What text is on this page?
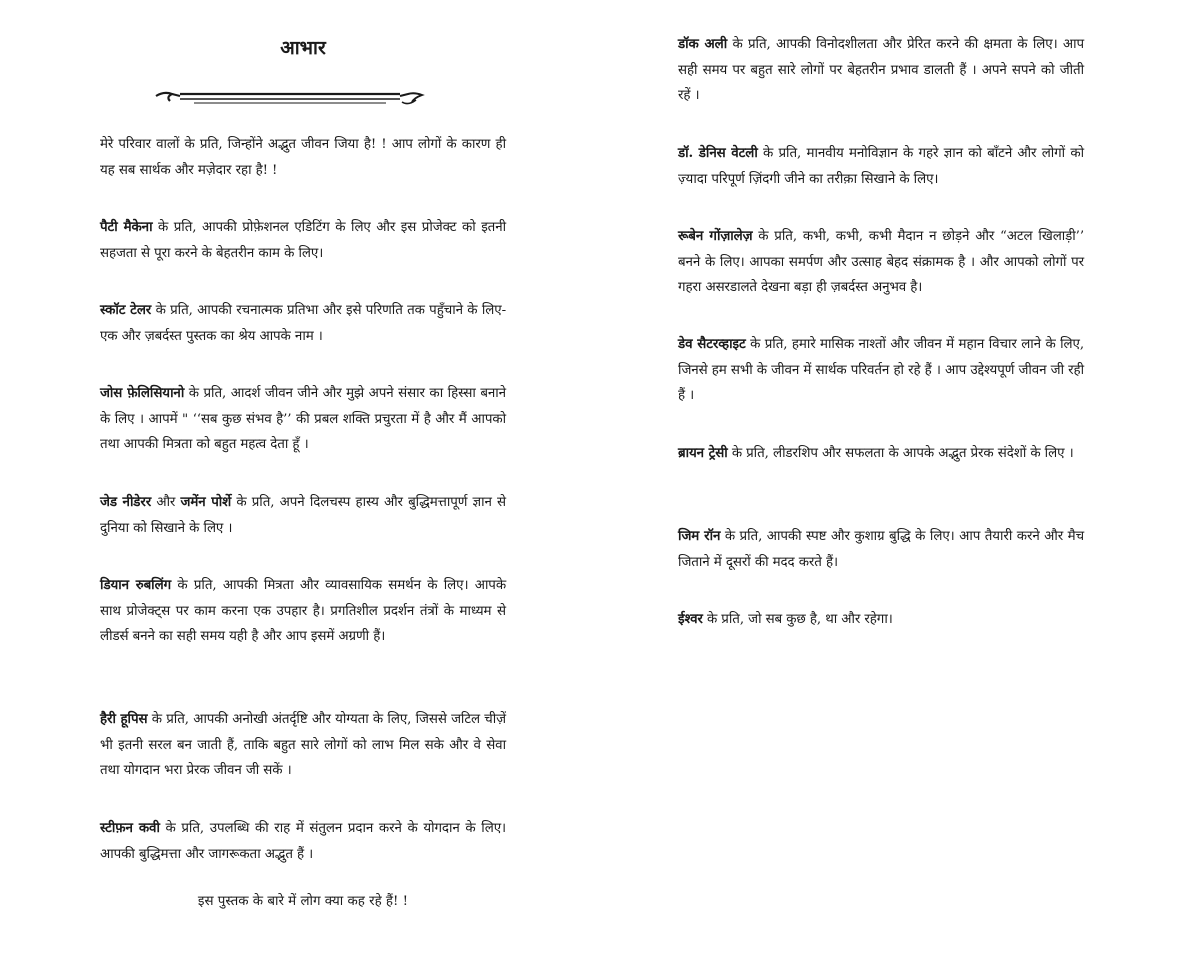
आभार

मेरे परिवार वालों के प्रति, जिन्होंने अद्भुत जीवन जिया है! ! आप लोगों के कारण ही यह सब सार्थक और मज़ेदार रहा है! !

पैटी मैकेना के प्रति, आपकी प्रोफ़ेशनल एडिटिंग के लिए और इस प्रोजेक्ट को इतनी सहजता से पूरा करने के बेहतरीन काम के लिए।

स्कॉट टेलर के प्रति, आपकी रचनात्मक प्रतिभा और इसे परिणति तक पहुँचाने के लिए-एक और ज़बर्दस्त पुस्तक का श्रेय आपके नाम ।

जोस फ़ेलिसियानो के प्रति, आदर्श जीवन जीने और मुझे अपने संसार का हिस्सा बनाने के लिए । आपमें " ‘‘सब कुछ संभव है’’ की प्रबल शक्ति प्रचुरता में है और मैं आपको तथा आपकी मित्रता को बहुत महत्व देता हूँ ।

जेड नीडेरर और जमेंन पोर्शे के प्रति, अपने दिलचस्प हास्य और बुद्धिमत्तापूर्ण ज्ञान से दुनिया को सिखाने के लिए ।

डियान रुबलिंग के प्रति, आपकी मित्रता और व्यावसायिक समर्थन के लिए। आपके साथ प्रोजेक्ट्स पर काम करना एक उपहार है। प्रगतिशील प्रदर्शन तंत्रों के माध्यम से लीडर्स बनने का सही समय यही है और आप इसमें अग्रणी हैं।

हैरी हूपिस के प्रति, आपकी अनोखी अंतर्दृष्टि और योग्यता के लिए, जिससे जटिल चीज़ें भी इतनी सरल बन जाती हैं, ताकि बहुत सारे लोगों को लाभ मिल सके और वे सेवा तथा योगदान भरा प्रेरक जीवन जी सकें ।

स्टीफ़न कवी के प्रति, उपलब्धि की राह में संतुलन प्रदान करने के योगदान के लिए। आपकी बुद्धिमत्ता और जागरूकता अद्भुत हैं ।

इस पुस्तक के बारे में लोग क्या कह रहे हैं! !

डॉक अली के प्रति, आपकी विनोदशीलता और प्रेरित करने की क्षमता के लिए। आप सही समय पर बहुत सारे लोगों पर बेहतरीन प्रभाव डालती हैं । अपने सपने को जीती रहें ।

डॉ. डेनिस वेटली के प्रति, मानवीय मनोविज्ञान के गहरे ज्ञान को बाँटने और लोगों को ज़्यादा परिपूर्ण ज़िंदगी जीने का तरीक़ा सिखाने के लिए।

रूबेन गोंज़ालेज़ के प्रति, कभी, कभी, कभी मैदान न छोड़ने और “अटल खिलाड़ी’’ बनने के लिए। आपका समर्पण और उत्साह बेहद संक्रामक है । और आपको लोगों पर गहरा असरडालते देखना बड़ा ही ज़बर्दस्त अनुभव है।

डेव सैटरव्हाइट के प्रति, हमारे मासिक नाश्तों और जीवन में महान विचार लाने के लिए, जिनसे हम सभी के जीवन में सार्थक परिवर्तन हो रहे हैं । आप उद्देश्यपूर्ण जीवन जी रही हैं ।

ब्रायन ट्रेसी के प्रति, लीडरशिप और सफलता के आपके अद्भुत प्रेरक संदेशों के लिए ।

जिम रॉन के प्रति, आपकी स्पष्ट और कुशाग्र बुद्धि के लिए। आप तैयारी करने और मैच जिताने में दूसरों की मदद करते हैं।

ईश्वर के प्रति, जो सब कुछ है, था और रहेगा।
